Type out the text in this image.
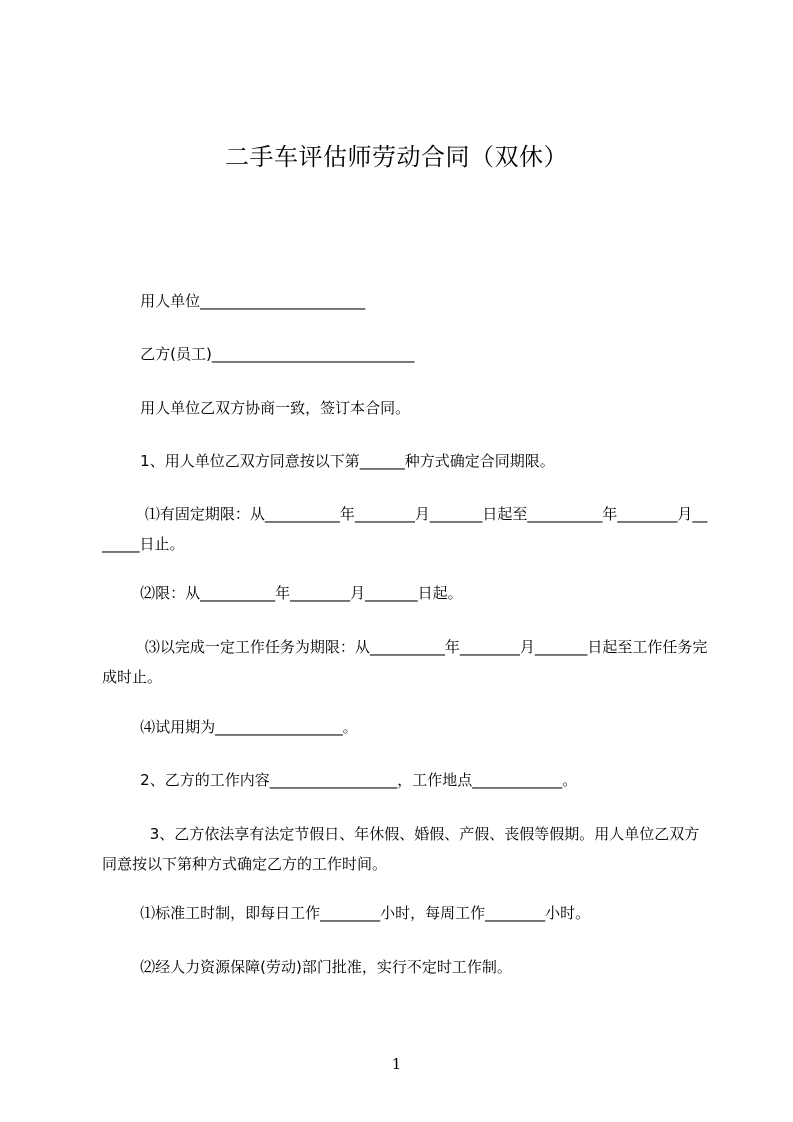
二手车评估师劳动合同（双休）

用人单位______________________

乙方(员工)___________________________

用人单位乙双方协商一致，签订本合同。

1、用人单位乙双方同意按以下第______种方式确定合同期限。

⑴有固定期限：从__________年________月_______日起至__________年________月_______日止。

⑵限：从__________年________月_______日起。

⑶以完成一定工作任务为期限：从__________年________月_______日起至工作任务完成时止。

⑷试用期为_________________。

2、乙方的工作内容_________________，工作地点____________。

3、乙方依法享有法定节假日、年休假、婚假、产假、丧假等假期。用人单位乙双方同意按以下第种方式确定乙方的工作时间。

⑴标准工时制，即每日工作________小时，每周工作________小时。

⑵经人力资源保障(劳动)部门批准，实行不定时工作制。

1
